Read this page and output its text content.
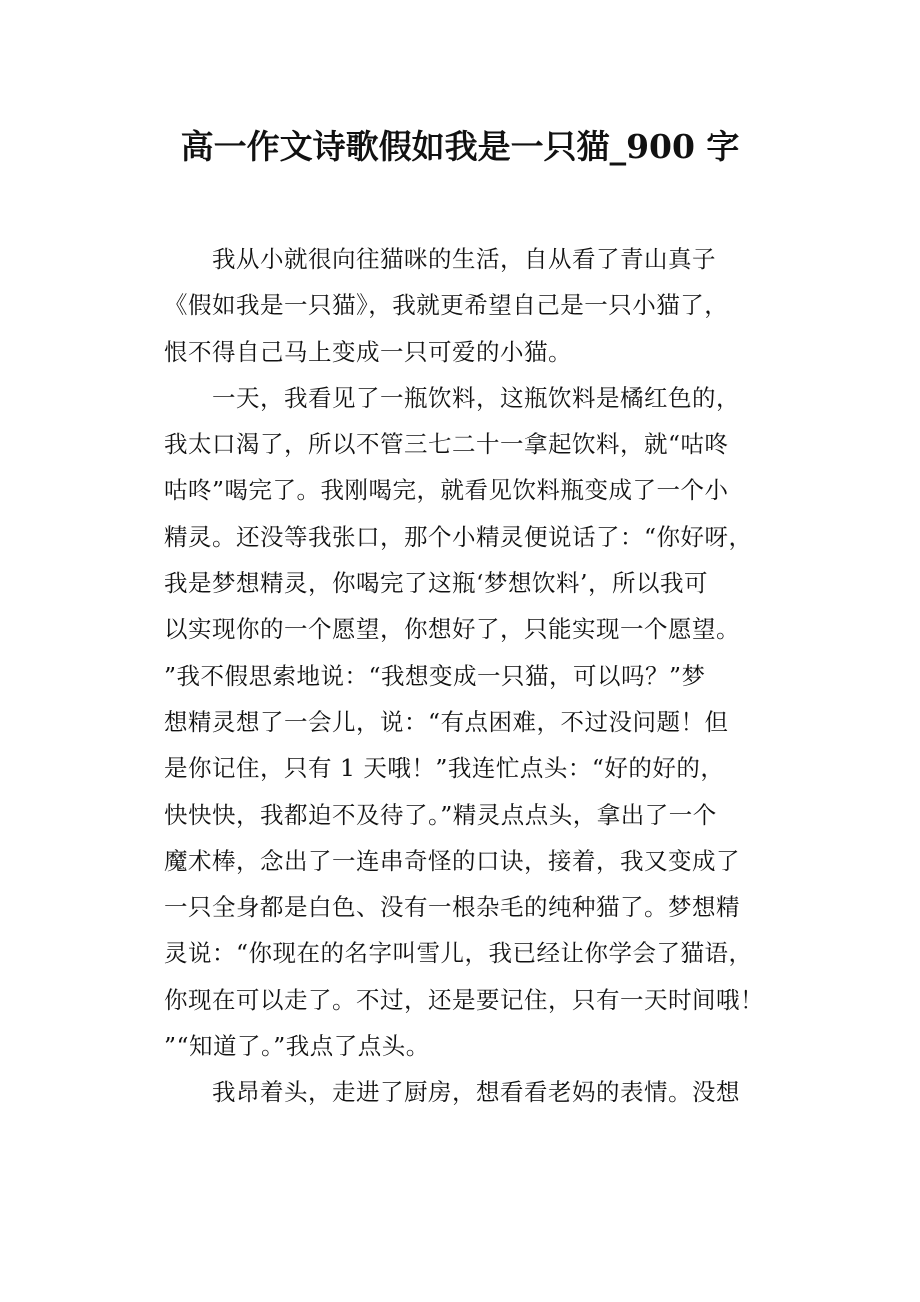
高一作文诗歌假如我是一只猫_900 字
我从小就很向往猫咪的生活，自从看了青山真子
《假如我是一只猫》，我就更希望自己是一只小猫了，
恨不得自己马上变成一只可爱的小猫。
一天，我看见了一瓶饮料，这瓶饮料是橘红色的，
我太口渴了，所以不管三七二十一拿起饮料，就“咕咚
咕咚”喝完了。我刚喝完，就看见饮料瓶变成了一个小
精灵。还没等我张口，那个小精灵便说话了：“你好呀，
我是梦想精灵，你喝完了这瓶‘梦想饮料’，所以我可
以实现你的一个愿望，你想好了，只能实现一个愿望。
”我不假思索地说：“我想变成一只猫，可以吗？”梦
想精灵想了一会儿，说：“有点困难，不过没问题！但
是你记住，只有 1 天哦！”我连忙点头：“好的好的，
快快快，我都迫不及待了。”精灵点点头，拿出了一个
魔术棒，念出了一连串奇怪的口诀，接着，我又变成了
一只全身都是白色、没有一根杂毛的纯种猫了。梦想精
灵说：“你现在的名字叫雪儿，我已经让你学会了猫语，
你现在可以走了。不过，还是要记住，只有一天时间哦！
”“知道了。”我点了点头。
我昂着头，走进了厨房，想看看老妈的表情。没想
